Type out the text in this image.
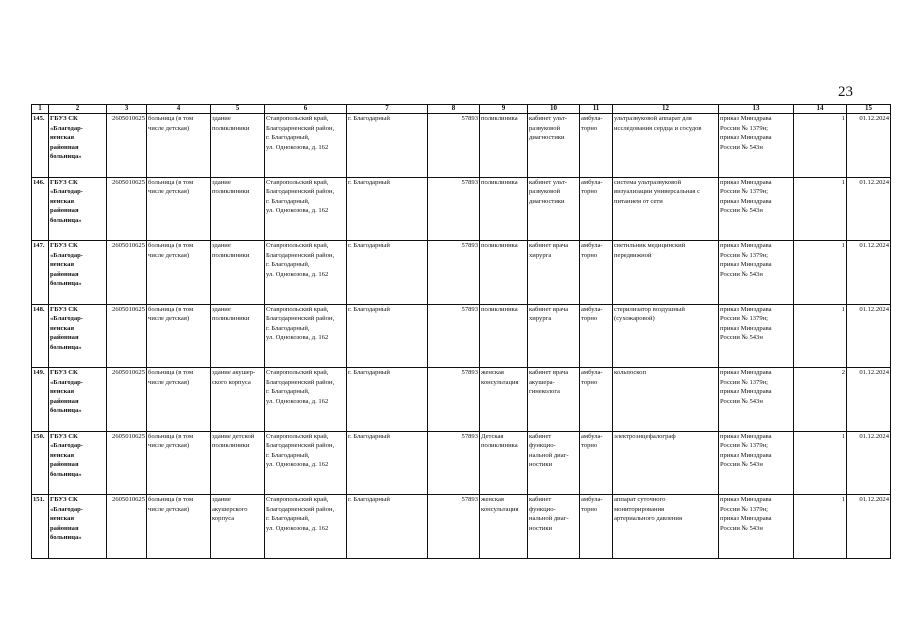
23
1	2	3	4	5	6	7	8	9	10	11	12	13	14	15
145.	ГБУЗ СК
«Благодар-
ненская
районная
больница»	2605010625	больница (в том
числе детская)	здание
поликлиники	Ставропольский край,
Благодарненский район,
г. Благодарный,
ул. Однокозова, д. 162	г. Благодарный	57893	поликлиника	кабинет ульт-
развуковой
диагностики	амбула-
торно	ультразвуковой аппарат для
исследования сердца и сосудов	приказ Минздрава
России № 1379н;
приказ Минздрава
России № 543н	1	01.12.2024
146.	ГБУЗ СК
«Благодар-
ненская
районная
больница»	2605010625	больница (в том
числе детская)	здание
поликлиники	Ставропольский край,
Благодарненский район,
г. Благодарный,
ул. Однокозова, д. 162	г. Благодарный	57893	поликлиника	кабинет ульт-
развуковой
диагностики	амбула-
торно	система ультразвуковой
визуализации универсальная с
питанием от сети	приказ Минздрава
России № 1379н;
приказ Минздрава
России № 543н	1	01.12.2024
147.	ГБУЗ СК
«Благодар-
ненская
районная
больница»	2605010625	больница (в том
числе детская)	здание
поликлиники	Ставропольский край,
Благодарненский район,
г. Благодарный,
ул. Однокозова, д. 162	г. Благодарный	57893	поликлиника	кабинет врача
хирурга	амбула-
торно	светильник медицинский
передвижной	приказ Минздрава
России № 1379н;
приказ Минздрава
России № 543н	1	01.12.2024
148.	ГБУЗ СК
«Благодар-
ненская
районная
больница»	2605010625	больница (в том
числе детская)	здание
поликлиники	Ставропольский край,
Благодарненский район,
г. Благодарный,
ул. Однокозова, д. 162	г. Благодарный	57893	поликлиника	кабинет врача
хирурга	амбула-
торно	стерилизатор воздушный
(сухожаровой)	приказ Минздрава
России № 1379н;
приказ Минздрава
России № 543н	1	01.12.2024
149.	ГБУЗ СК
«Благодар-
ненская
районная
больница»	2605010625	больница (в том
числе детская)	здание акушер-
ского корпуса	Ставропольский край,
Благодарненский район,
г. Благодарный,
ул. Однокозова, д. 162	г. Благодарный	57893	женская
консультация	кабинет врача
акушера-
гинеколога	амбула-
торно	кольпоскоп	приказ Минздрава
России № 1379н;
приказ Минздрава
России № 543н	2	01.12.2024
150.	ГБУЗ СК
«Благодар-
ненская
районная
больница»	2605010625	больница (в том
числе детская)	здание детской
поликлиники	Ставропольский край,
Благодарненский район,
г. Благодарный,
ул. Однокозова, д. 162	г. Благодарный	57893	Детская
поликлиника	кабинет
функцио-
нальной диаг-
ностики	амбула-
торно	электроэнцефалограф	приказ Минздрава
России № 1379н;
приказ Минздрава
России № 543н	1	01.12.2024
151.	ГБУЗ СК
«Благодар-
ненская
районная
больница»	2605010625	больница (в том
числе детская)	здание
акушерского
корпуса	Ставропольский край,
Благодарненский район,
г. Благодарный,
ул. Однокозова, д. 162	г. Благодарный	57893	женская
консультация	кабинет
функцио-
нальной диаг-
ностики	амбула-
торно	аппарат суточного
мониторирования
артериального давления	приказ Минздрава
России № 1379н;
приказ Минздрава
России № 543н	1	01.12.2024
